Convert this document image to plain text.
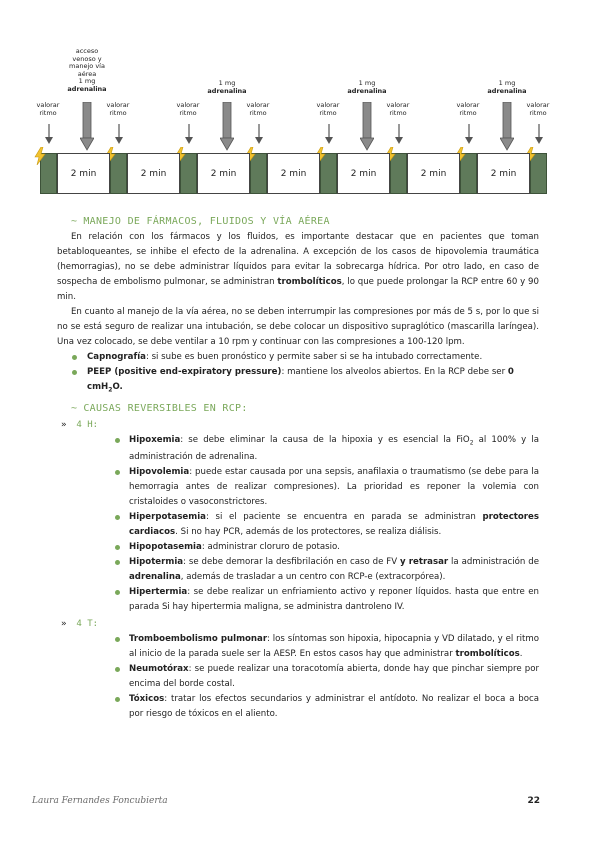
valorar
ritmo
valorar
ritmo
valorar
ritmo
valorar
ritmo
valorar
ritmo
valorar
ritmo
valorar
ritmo
valorar
ritmo
2 min	2 min	2 min	2 min	2 min	2 min	2 min
acceso
venoso y
manejo vía
aérea
1 mg
adrenalina
1 mg
adrenalina
1 mg
adrenalina
1 mg
adrenalina
~ MANEJO DE FÁRMACOS, FLUIDOS Y VÍA AÉREA

En relación con los fármacos y los fluidos, es importante destacar que en pacientes que toman betabloqueantes, se inhibe el efecto de la adrenalina. A excepción de los casos de hipovolemia traumática (hemorragias), no se debe administrar líquidos para evitar la sobrecarga hídrica. Por otro lado, en caso de sospecha de embolismo pulmonar, se administran trombolíticos, lo que puede prolongar la RCP entre 60 y 90 min.

En cuanto al manejo de la vía aérea, no se deben interrumpir las compresiones por más de 5 s, por lo que si no se está seguro de realizar una intubación, se debe colocar un dispositivo supraglótico (mascarilla laríngea). Una vez colocado, se debe ventilar a 10 rpm y continuar con las compresiones a 100-120 lpm.

Capnografía: si sube es buen pronóstico y permite saber si se ha intubado correctamente.
PEEP (positive end-expiratory pressure): mantiene los alveolos abiertos. En la RCP debe ser 0 cmH$_2$O.
~ CAUSAS REVERSIBLES EN RCP:
» 4 H:
Hipoxemia: se debe eliminar la causa de la hipoxia y es esencial la FiO$_2$ al 100% y la administración de adrenalina.
Hipovolemia: puede estar causada por una sepsis, anafilaxia o traumatismo (se debe para la hemorragia antes de realizar compresiones). La prioridad es reponer la volemia con cristaloides o vasoconstrictores.
Hiperpotasemia: si el paciente se encuentra en parada se administran protectores cardiacos. Si no hay PCR, además de los protectores, se realiza diálisis.
Hipopotasemia: administrar cloruro de potasio.
Hipotermia: se debe demorar la desfibrilación en caso de FV y retrasar la administración de adrenalina, además de trasladar a un centro con RCP-e (extracorpórea).
Hipertermia: se debe realizar un enfriamiento activo y reponer líquidos. hasta que entre en parada Si hay hipertermia maligna, se administra dantroleno IV.
» 4 T:
Tromboembolismo pulmonar: los síntomas son hipoxia, hipocapnia y VD dilatado, y el ritmo al inicio de la parada suele ser la AESP. En estos casos hay que administrar trombolíticos.
Neumotórax: se puede realizar una toracotomía abierta, donde hay que pinchar siempre por encima del borde costal.
Tóxicos: tratar los efectos secundarios y administrar el antídoto. No realizar el boca a boca por riesgo de tóxicos en el aliento.
Laura Fernandes Foncubierta	22
